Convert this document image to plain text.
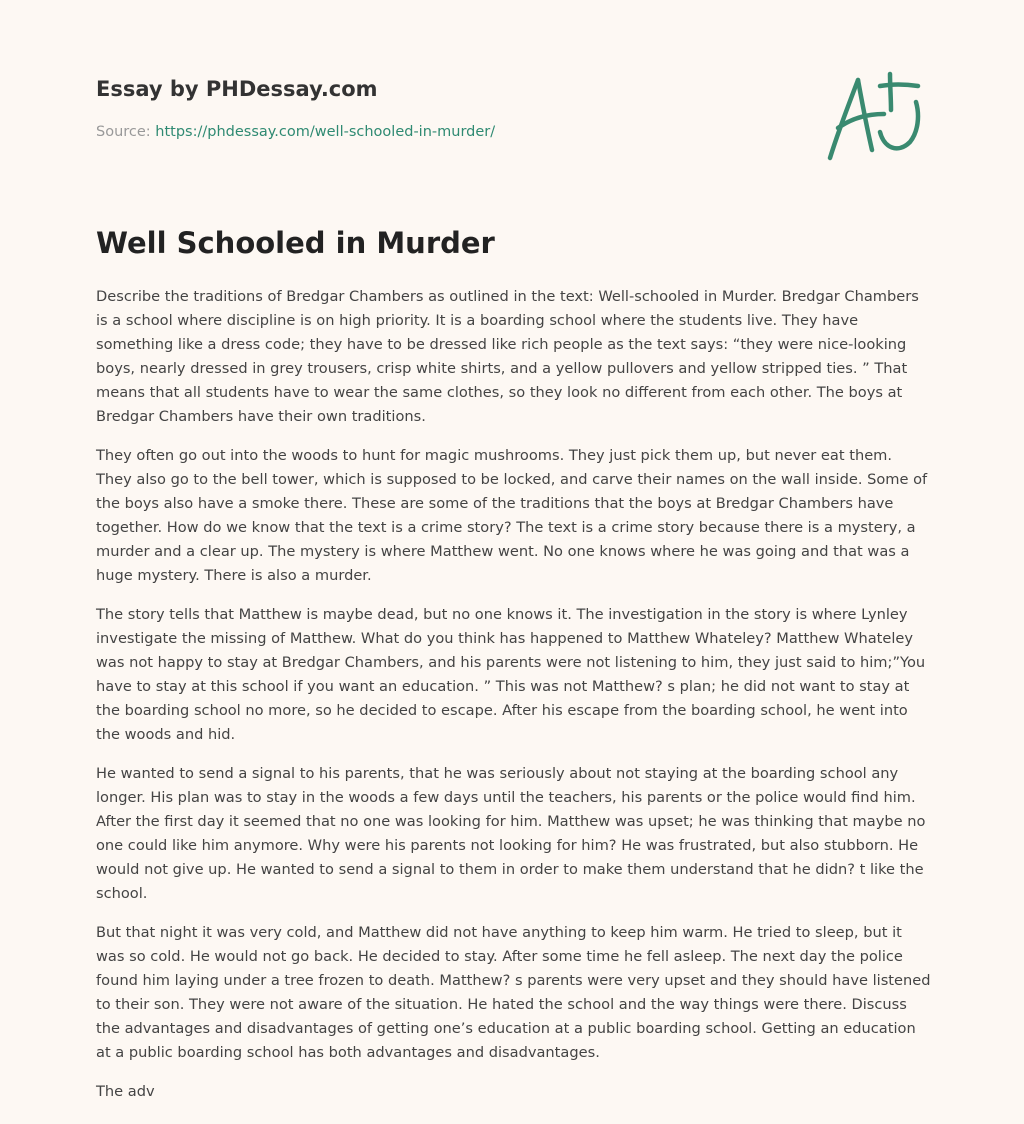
Essay by PHDessay.com
Source: https://phdessay.com/well-schooled-in-murder/
Well Schooled in Murder

Describe the traditions of Bredgar Chambers as outlined in the text: Well-schooled in Murder. Bredgar Chambers is a school where discipline is on high priority. It is a boarding school where the students live. They have something like a dress code; they have to be dressed like rich people as the text says: “they were nice-looking boys, nearly dressed in grey trousers, crisp white shirts, and a yellow pullovers and yellow stripped ties. ” That means that all students have to wear the same clothes, so they look no different from each other. The boys at Bredgar Chambers have their own traditions.

They often go out into the woods to hunt for magic mushrooms. They just pick them up, but never eat them. They also go to the bell tower, which is supposed to be locked, and carve their names on the wall inside. Some of the boys also have a smoke there. These are some of the traditions that the boys at Bredgar Chambers have together. How do we know that the text is a crime story? The text is a crime story because there is a mystery, a murder and a clear up. The mystery is where Matthew went. No one knows where he was going and that was a huge mystery. There is also a murder.

The story tells that Matthew is maybe dead, but no one knows it. The investigation in the story is where Lynley investigate the missing of Matthew. What do you think has happened to Matthew Whateley? Matthew Whateley was not happy to stay at Bredgar Chambers, and his parents were not listening to him, they just said to him;”You have to stay at this school if you want an education. ” This was not Matthew? s plan; he did not want to stay at the boarding school no more, so he decided to escape. After his escape from the boarding school, he went into the woods and hid.

He wanted to send a signal to his parents, that he was seriously about not staying at the boarding school any longer. His plan was to stay in the woods a few days until the teachers, his parents or the police would find him. After the first day it seemed that no one was looking for him. Matthew was upset; he was thinking that maybe no one could like him anymore. Why were his parents not looking for him? He was frustrated, but also stubborn. He would not give up. He wanted to send a signal to them in order to make them understand that he didn? t like the school.

But that night it was very cold, and Matthew did not have anything to keep him warm. He tried to sleep, but it was so cold. He would not go back. He decided to stay. After some time he fell asleep. The next day the police found him laying under a tree frozen to death. Matthew? s parents were very upset and they should have listened to their son. They were not aware of the situation. He hated the school and the way things were there. Discuss the advantages and disadvantages of getting one’s education at a public boarding school. Getting an education at a public boarding school has both advantages and disadvantages.

The adv
